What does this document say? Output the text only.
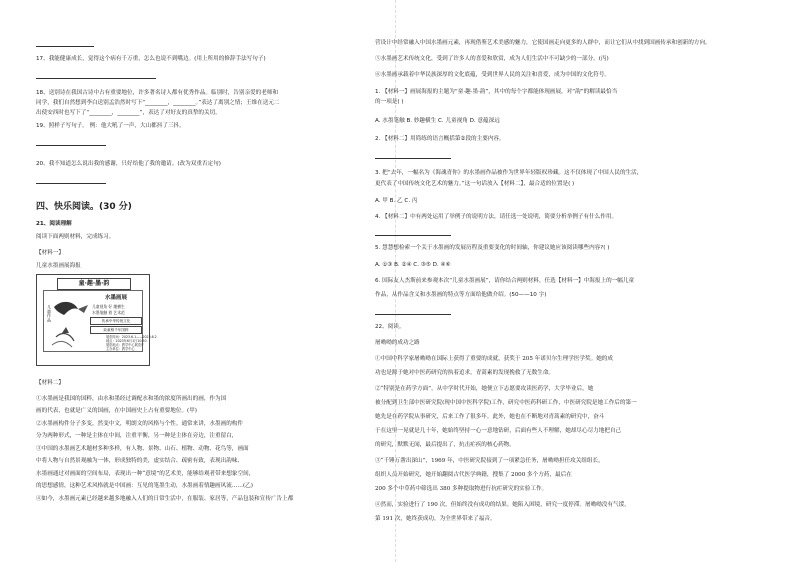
17、我能健康成长，觉得这个病有千万重，怎么也说不到嘴边。(用上所用的修辞手法写句子)
18、送别诗在我国古诗中占有重要地位，许多著名诗人都有优秀作品。临别时，告别亲爱的老师和
同学，我们自然想到李白送别孟浩然时写下“________，________。”表达了离别之情；王维在送元二
出使安西时也写下了“________，________”，表达了对好友的真挚的关切。
19、照样子写句子。 例：他大吼了一声，大山都抖了三抖。
20、我不知道怎么说出我的感谢，只好给他了我的邀请。(改为双重否定句)
四、快乐阅读。(30 分)
21、阅读理解
阅读下面两则材料，完成练习。
【材料一】
儿童水墨画展海报
童·趣·墨·韵
儿童作品
水墨画展
儿童视角 好 趣横生
水墨笔触 着 艺术范
传承中华传统文化
致童稚千年国粹
展览时间：2023.6.1——2023.6.2
地点：2023年6月1日10:30
展览地点：教学中心展览厅
主办单位：教学中心
【材料二】
①水墨画是我国的国粹，由水和墨经过调配水和墨的浓度所画出的画，作为国
画的代表，也就是广义的国画，在中国画史上占有重要地位。(甲)
②水墨画构件分子多变，然变中文，明朗文的风格与个性。通常来讲，水墨画的构件
分为两种形式，一种是主体在中间，注重平衡，另一种是主体在旁边，注重留白，
③中国的水墨画艺术题材多种多样，有人物、景物、山石、植物、动物、花鸟等，画面
中将人物与自然景观融为一体，形成独特的美，虚实结合、疏密有致，表现出韵味、
水墨画通过对画面的空间布局，表现出一种“意境”的艺术美，能够给观者带来想象空间，
的思想感情，这种艺术风格就是中国画：互见的笔墨生动，水墨画着情趣画风流……(乙)
④如今，水墨画元素已经越来越多地融入人们的日常生活中，在服装、家居等，产品包装和宣传广告上都
营设计中经常融入中国水墨画元素，再现借鉴艺术美感的魅力，它使国画走向更多的人群中，而让它们从中找到国画传承和创新的方向。
⑤水墨画艺术传统文化，受到了许多人的喜爱和欣赏，成为人们生活中不可缺少的一部分。(丙)
⑥水墨画承载着中华民族深厚的文化底蕴，受到世界人民的关注和喜爱，成为中国的文化符号。
1. 【材料一】画展海报的主题为“童·趣·墨·韵”，其中的每个字都能体现画展，对“韵”的解读最恰当
的一项是( )
A. 水墨笔触 B. 妙趣横生 C. 儿童视角 D. 意蕴深远
2. 【材料二】用简练的语言概括第②段的主要内容。
3. 把“去年，一幅名为《海魂青你》的水墨画作品被作为世界年轻版权珍藏。这不仅体现了中国人民的生活，
更代表了中国传统文化艺术的魅力。”这一句话放入【材料二】，最合适的位置是( )
A. 甲 B. 乙 C. 丙
4. 【材料二】中有两处运用了举例子的说明方法，请任选一处说明，简要分析举例子有什么作用。
5. 慧慧想检索一个关于水墨画的发展历程及重要变化的时间轴，你建议她应该阅读哪些内容?( )
A. ①③ B. ②④ C. ③⑤ D. ④⑥
6. 国际友人杰斯前来参观本次“儿童水墨画展”，请你结合两则材料，任选【材料一】中海报上的一幅儿童
作品，从作品含义和水墨画的特点等方面给他做介绍。(50——10 字)
22、阅读。
屠呦呦的成功之路
①中国中科学家屠呦呦在国际上获得了重要的成就，获奖于 205 年诺贝尔生理学医学奖。她的成
功也是源于她对中医药研究的执着追求，青蒿素的发现挽救了无数生命。
②“特别是在药学方面”，从中学时代开始，她便立下志愿要攻读医药学，大学毕业后，她
被分配到卫生部中医研究院(现中国中医科学院)工作，研究中医药科研工作，中医研究院是她工作后的第一
她先是在药学院从事研究，后来工作了很多年。此外，她也在不断地对青蒿素的研究中，奋斗
于在这里一晃就是几十年，她始终坚持一心一意地钻研，后面有些人不理解，她却尽心尽力地把自己
的研究，默默无闻，最后提出了，抗击疟疾的核心药物。
③“千锤万凿出深山”，1969 年，中医研究院接到了一项紧急任务，屠呦呦担任攻关组组长，
组织人员开始研究，她开始翻阅古代医学典籍，搜集了 2000 多个方药，最后在
200 多个中草药中筛选出 380 多种提取物进行抗疟研究的实验工作。
④然而，实验进行了 190 次，但始终没有成功的结果。她陷入困境，研究一度停滞。屠呦呦没有气馁，
第 191 次，她终获成功，为全世界带来了福音。
